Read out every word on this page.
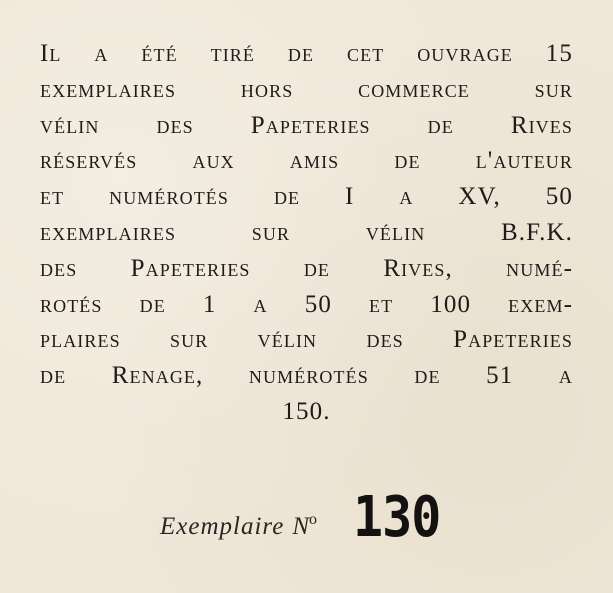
Il a été tiré de cet ouvrage 15
exemplaires hors commerce sur
vélin des Papeteries de Rives
réservés aux amis de l'auteur
et numérotés de I a XV, 50
exemplaires sur vélin B.F.K.
des Papeteries de Rives, numé-
rotés de 1 a 50 et 100 exem-
plaires sur vélin des Papeteries
de Renage, numérotés de 51 a
150.
Exemplaire $N^o$ 130
